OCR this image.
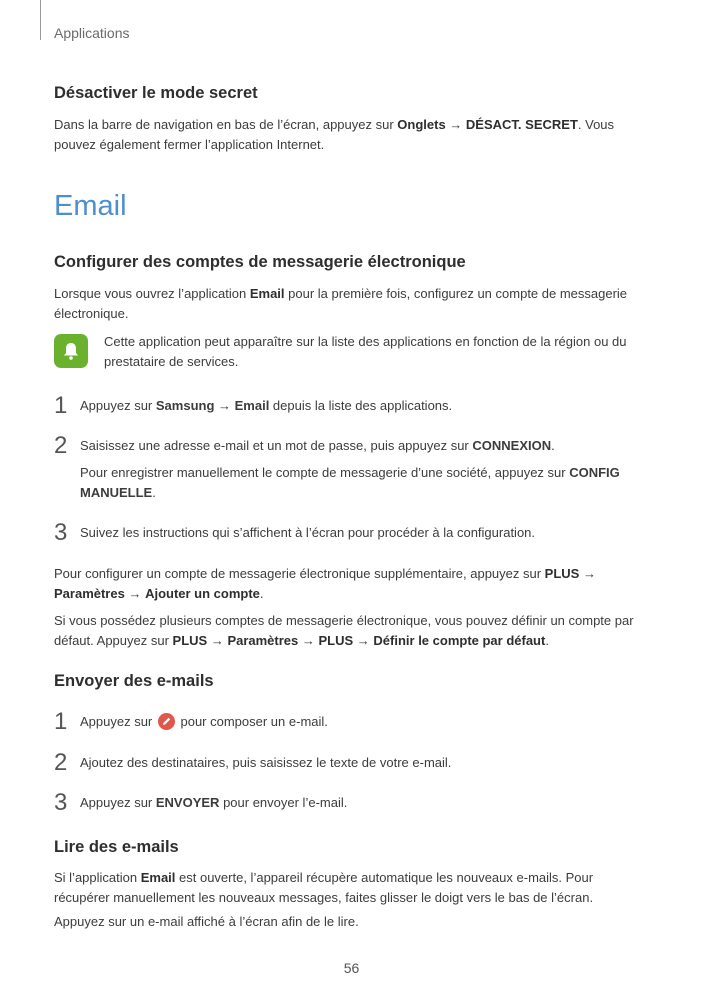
Applications
Désactiver le mode secret
Dans la barre de navigation en bas de l’écran, appuyez sur Onglets → DÉSACT. SECRET. Vous
pouvez également fermer l’application Internet.
Email
Configurer des comptes de messagerie électronique
Lorsque vous ouvrez l’application Email pour la première fois, configurez un compte de messagerie
électronique.
Cette application peut apparaître sur la liste des applications en fonction de la région ou du
prestataire de services.
1 Appuyez sur Samsung → Email depuis la liste des applications.
2 Saisissez une adresse e-mail et un mot de passe, puis appuyez sur CONNEXION.
Pour enregistrer manuellement le compte de messagerie d’une société, appuyez sur CONFIG
MANUELLE.
3 Suivez les instructions qui s’affichent à l’écran pour procéder à la configuration.
Pour configurer un compte de messagerie électronique supplémentaire, appuyez sur PLUS →
Paramètres → Ajouter un compte.
Si vous possédez plusieurs comptes de messagerie électronique, vous pouvez définir un compte par
défaut. Appuyez sur PLUS → Paramètres → PLUS → Définir le compte par défaut.
Envoyer des e-mails
1 Appuyez sur
pour composer un e-mail.
2 Ajoutez des destinataires, puis saisissez le texte de votre e-mail.
3 Appuyez sur ENVOYER pour envoyer l’e-mail.
Lire des e-mails
Si l’application Email est ouverte, l’appareil récupère automatique les nouveaux e-mails. Pour
récupérer manuellement les nouveaux messages, faites glisser le doigt vers le bas de l’écran.
Appuyez sur un e-mail affiché à l’écran afin de le lire.
56
